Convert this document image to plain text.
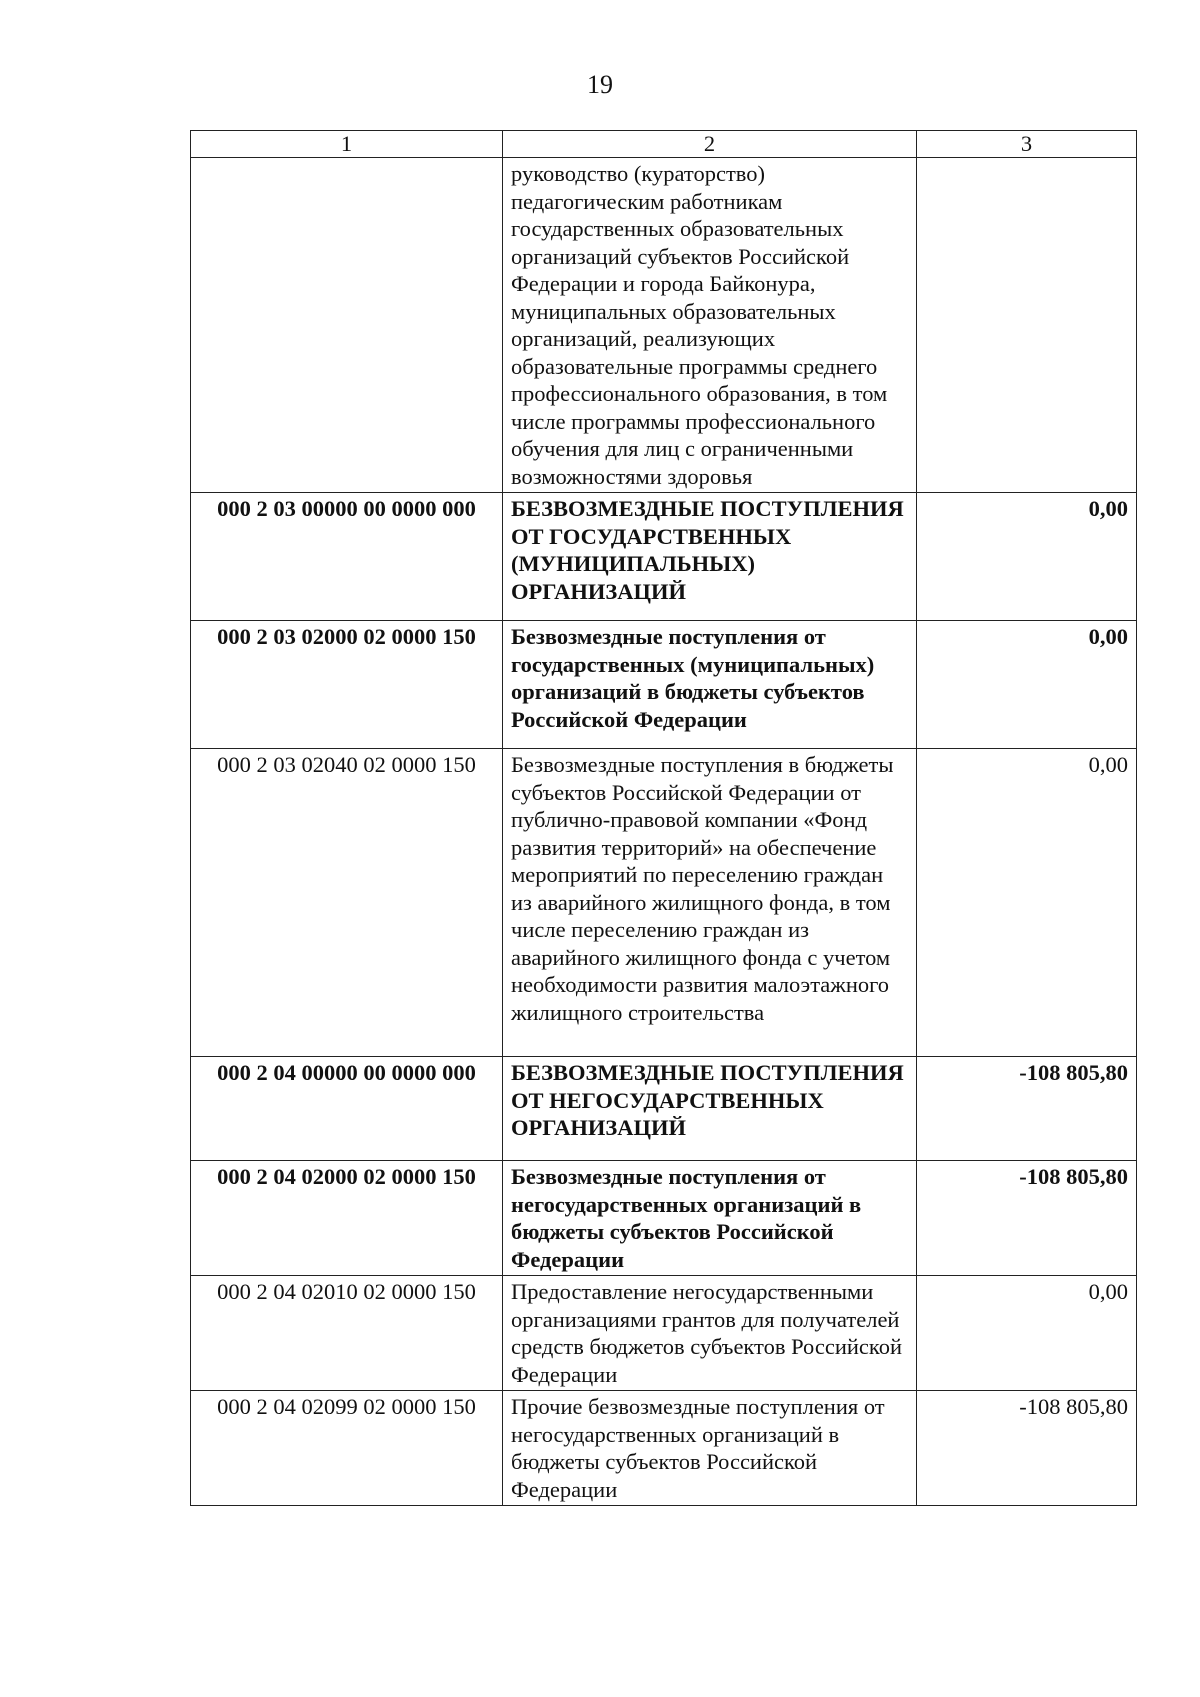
19
1	2	3
	руководство (кураторство) педагогическим работникам государственных образовательных организаций субъектов Российской Федерации и города Байконура, муниципальных образовательных организаций, реализующих образовательные программы среднего профессионального образования, в том числе программы профессионального обучения для лиц с ограниченными возможностями здоровья	
000 2 03 00000 00 0000 000	БЕЗВОЗМЕЗДНЫЕ ПОСТУПЛЕНИЯ ОТ ГОСУДАРСТВЕННЫХ (МУНИЦИПАЛЬНЫХ) ОРГАНИЗАЦИЙ	0,00
000 2 03 02000 02 0000 150	Безвозмездные поступления от государственных (муниципальных) организаций в бюджеты субъектов Российской Федерации	0,00
000 2 03 02040 02 0000 150	Безвозмездные поступления в бюджеты субъектов Российской Федерации от публично-правовой компании «Фонд развития территорий» на обеспечение мероприятий по переселению граждан из аварийного жилищного фонда, в том числе переселению граждан из аварийного жилищного фонда с учетом необходимости развития малоэтажного жилищного строительства	0,00
000 2 04 00000 00 0000 000	БЕЗВОЗМЕЗДНЫЕ ПОСТУПЛЕНИЯ ОТ НЕГОСУДАРСТВЕННЫХ ОРГАНИЗАЦИЙ	-108 805,80
000 2 04 02000 02 0000 150	Безвозмездные поступления от негосударственных организаций в бюджеты субъектов Российской Федерации	-108 805,80
000 2 04 02010 02 0000 150	Предоставление негосударственными организациями грантов для получателей средств бюджетов субъектов Российской Федерации	0,00
000 2 04 02099 02 0000 150	Прочие безвозмездные поступления от негосударственных организаций в бюджеты субъектов Российской Федерации	-108 805,80
